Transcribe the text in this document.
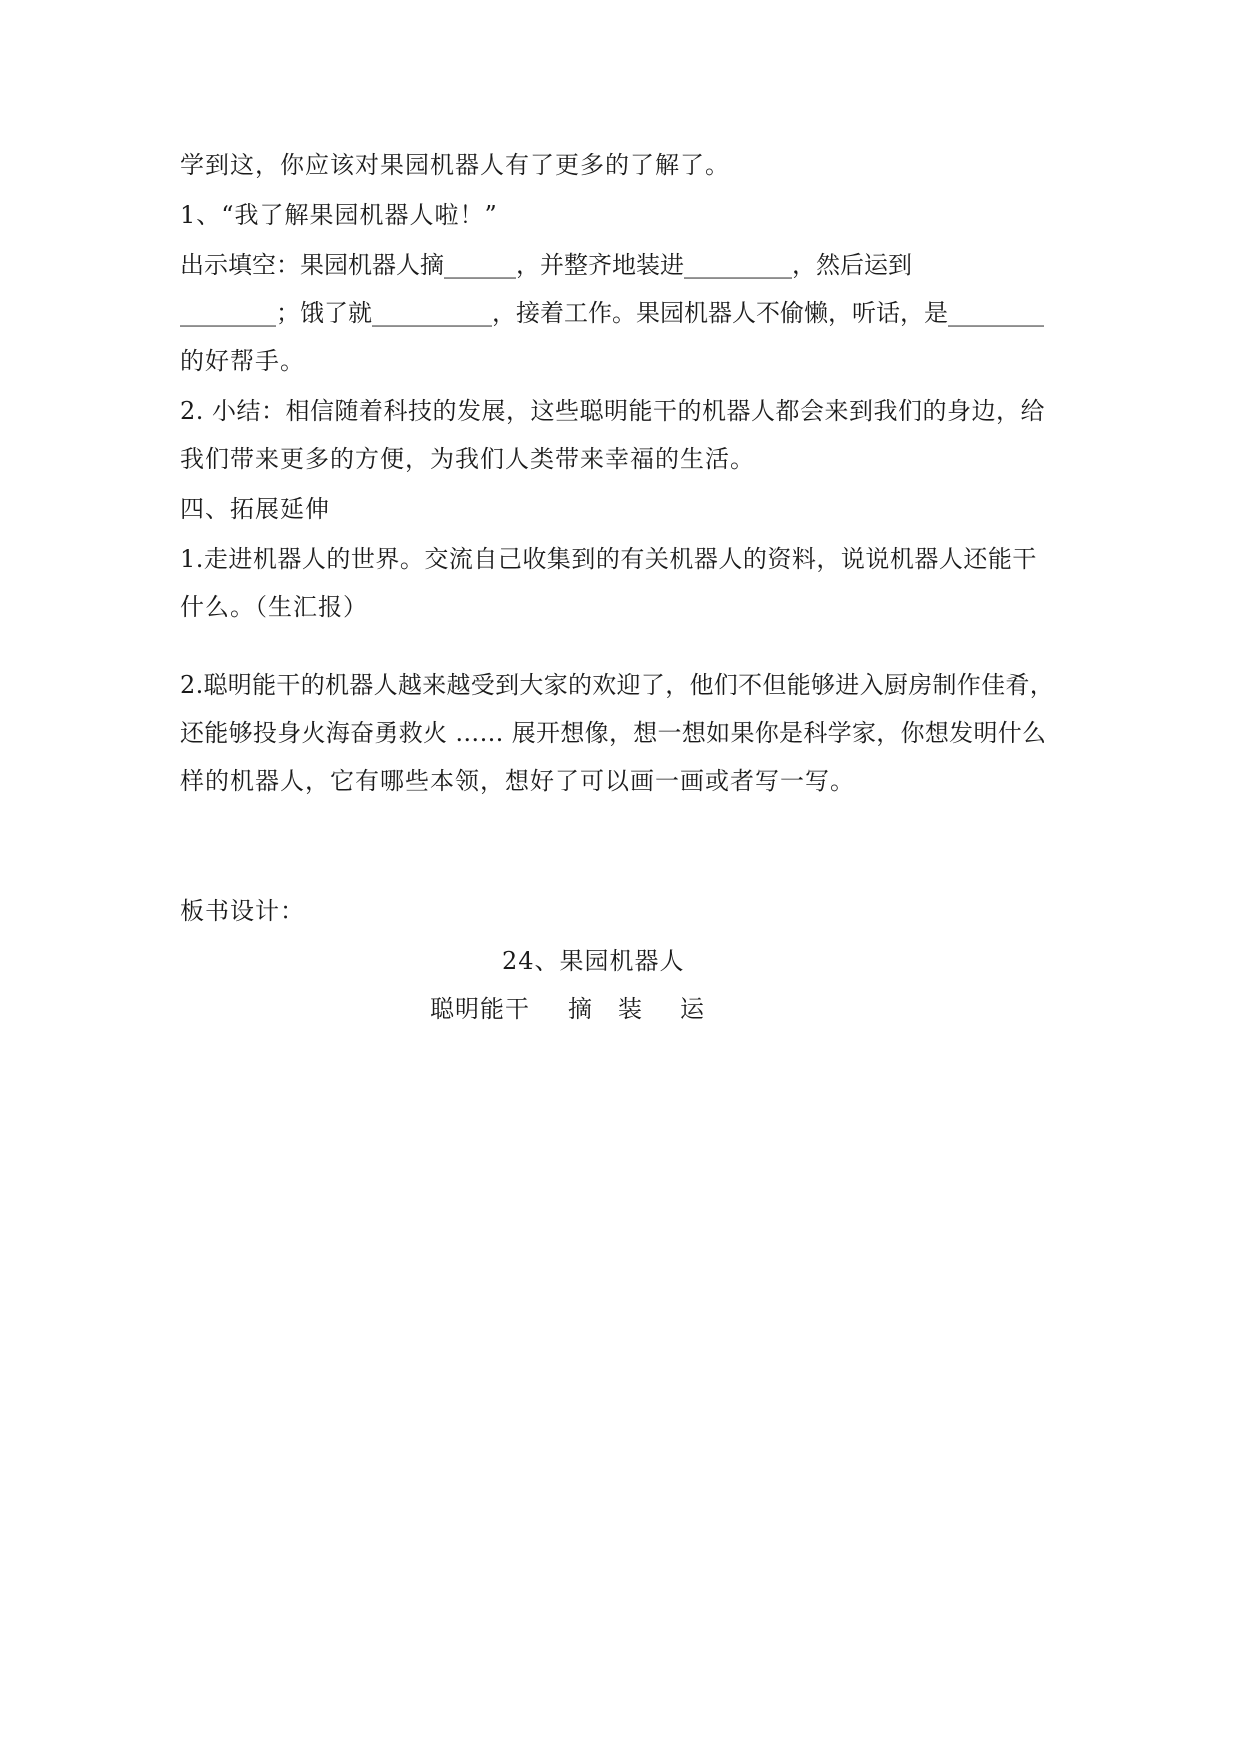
学到这，你应该对果园机器人有了更多的了解了。
1、“我了解果园机器人啦！”
出示填空：果园机器人摘______，并整齐地装进_________，然后运到
________；饿了就__________，接着工作。果园机器人不偷懒，听话，是________
的好帮手。
2. 小结：相信随着科技的发展，这些聪明能干的机器人都会来到我们的身边，给
我们带来更多的方便，为我们人类带来幸福的生活。
四、拓展延伸
1.走进机器人的世界。交流自己收集到的有关机器人的资料，说说机器人还能干
什么。（生汇报）
2.聪明能干的机器人越来越受到大家的欢迎了，他们不但能够进入厨房制作佳肴，
还能够投身火海奋勇救火 …… 展开想像，想一想如果你是科学家，你想发明什么
样的机器人，它有哪些本领，想好了可以画一画或者写一写。
板书设计：
24、果园机器人
聪明能干 摘 装 运
